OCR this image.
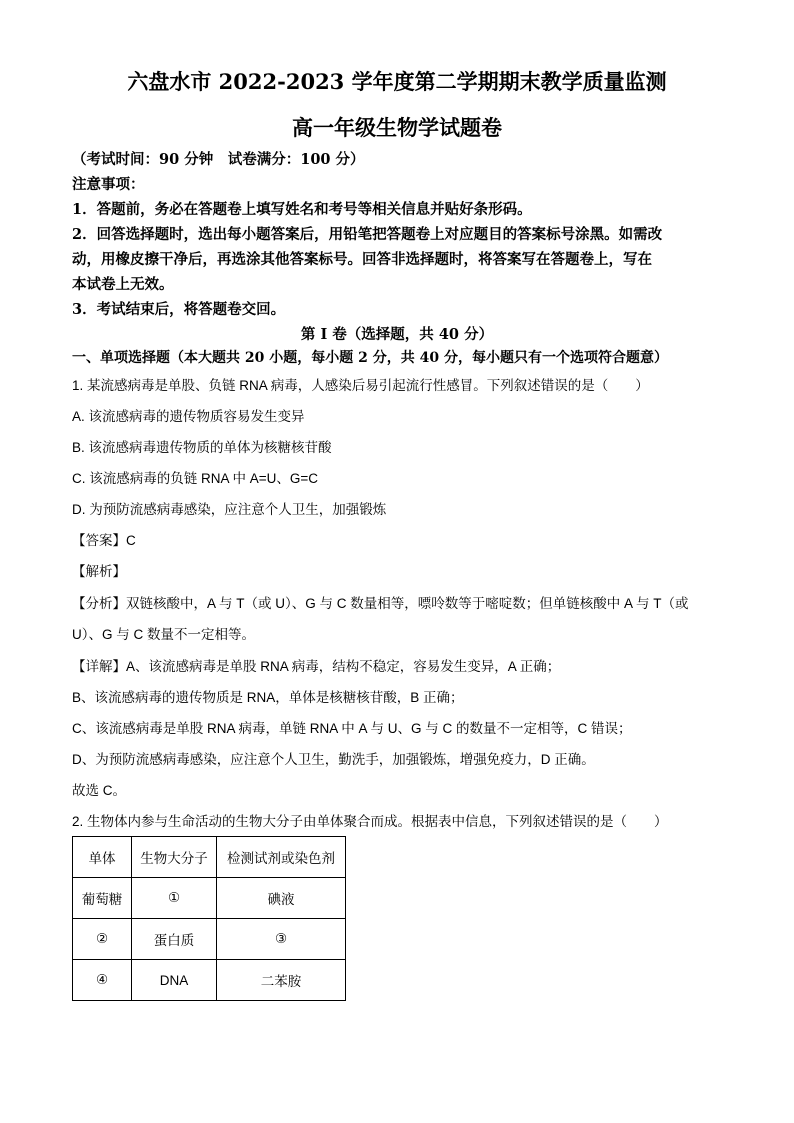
六盘水市 2022-2023 学年度第二学期期末教学质量监测
高一年级生物学试题卷
（考试时间：90 分钟　试卷满分：100 分）
注意事项：
1．答题前，务必在答题卷上填写姓名和考号等相关信息并贴好条形码。
2．回答选择题时，选出每小题答案后，用铅笔把答题卷上对应题目的答案标号涂黑。如需改
动，用橡皮擦干净后，再选涂其他答案标号。回答非选择题时，将答案写在答题卷上，写在
本试卷上无效。
3．考试结束后，将答题卷交回。
第 I 卷（选择题，共 40 分）
一、单项选择题（本大题共 20 小题，每小题 2 分，共 40 分，每小题只有一个选项符合题意）
1. 某流感病毒是单股、负链 RNA 病毒，人感染后易引起流行性感冒。下列叙述错误的是（　　）
A. 该流感病毒的遗传物质容易发生变异
B. 该流感病毒遗传物质的单体为核糖核苷酸
C. 该流感病毒的负链 RNA 中 A=U、G=C
D. 为预防流感病毒感染，应注意个人卫生，加强锻炼
【答案】C
【解析】
【分析】双链核酸中，A 与 T（或 U）、G 与 C 数量相等，嘌呤数等于嘧啶数；但单链核酸中 A 与 T（或
U）、G 与 C 数量不一定相等。
【详解】A、该流感病毒是单股 RNA 病毒，结构不稳定，容易发生变异，A 正确；
B、该流感病毒的遗传物质是 RNA，单体是核糖核苷酸，B 正确；
C、该流感病毒是单股 RNA 病毒，单链 RNA 中 A 与 U、G 与 C 的数量不一定相等，C 错误；
D、为预防流感病毒感染，应注意个人卫生，勤洗手，加强锻炼，增强免疫力，D 正确。
故选 C。
2. 生物体内参与生命活动的生物大分子由单体聚合而成。根据表中信息，下列叙述错误的是（　　）
单体	生物大分子	检测试剂或染色剂
葡萄糖	①	碘液
②	蛋白质	③
④	DNA	二苯胺
